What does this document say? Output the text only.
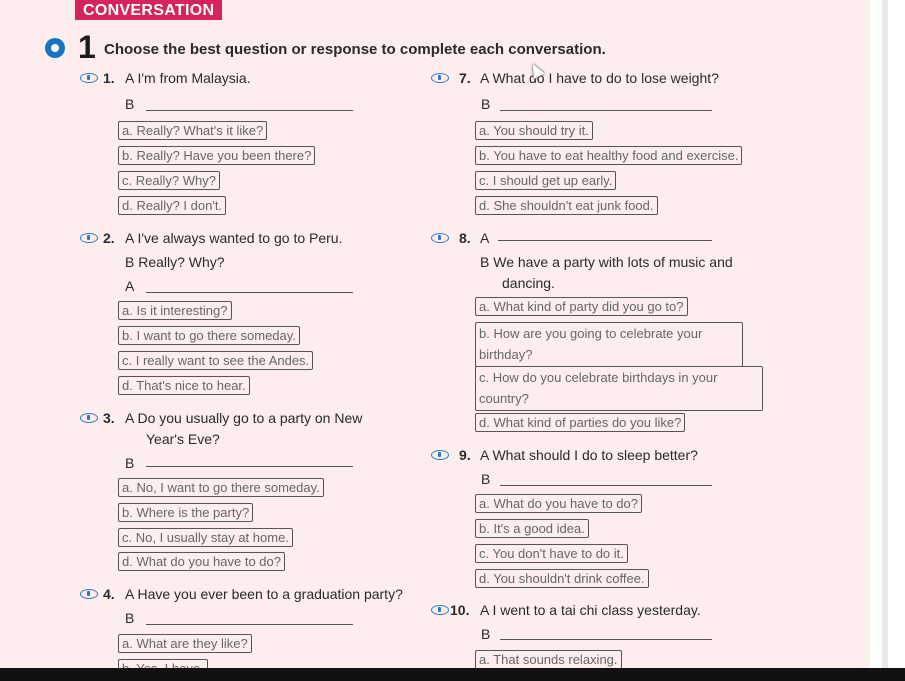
CONVERSATION
1 Choose the best question or response to complete each conversation.
1. A I'm from Malaysia.
B
a. Really? What's it like?
b. Really? Have you been there?
c. Really? Why?
d. Really? I don't.
2. A I've always wanted to go to Peru.
B Really? Why?
A
a. Is it interesting?
b. I want to go there someday.
c. I really want to see the Andes.
d. That's nice to hear.
3. A Do you usually go to a party on New
Year's Eve?
B
a. No, I want to go there someday.
b. Where is the party?
c. No, I usually stay at home.
d. What do you have to do?
4. A Have you ever been to a graduation party?
B
a. What are they like?
7. A What do I have to do to lose weight?
B
a. You should try it.
b. You have to eat healthy food and exercise.
c. I should get up early.
d. She shouldn't eat junk food.
8. A
B We have a party with lots of music and
dancing.
a. What kind of party did you go to?
b. How are you going to celebrate your birthday?
c. How do you celebrate birthdays in your country?
d. What kind of parties do you like?
9. A What should I do to sleep better?
B
a. What do you have to do?
b. It's a good idea.
c. You don't have to do it.
d. You shouldn't drink coffee.
10. A I went to a tai chi class yesterday.
B
a. That sounds relaxing.
